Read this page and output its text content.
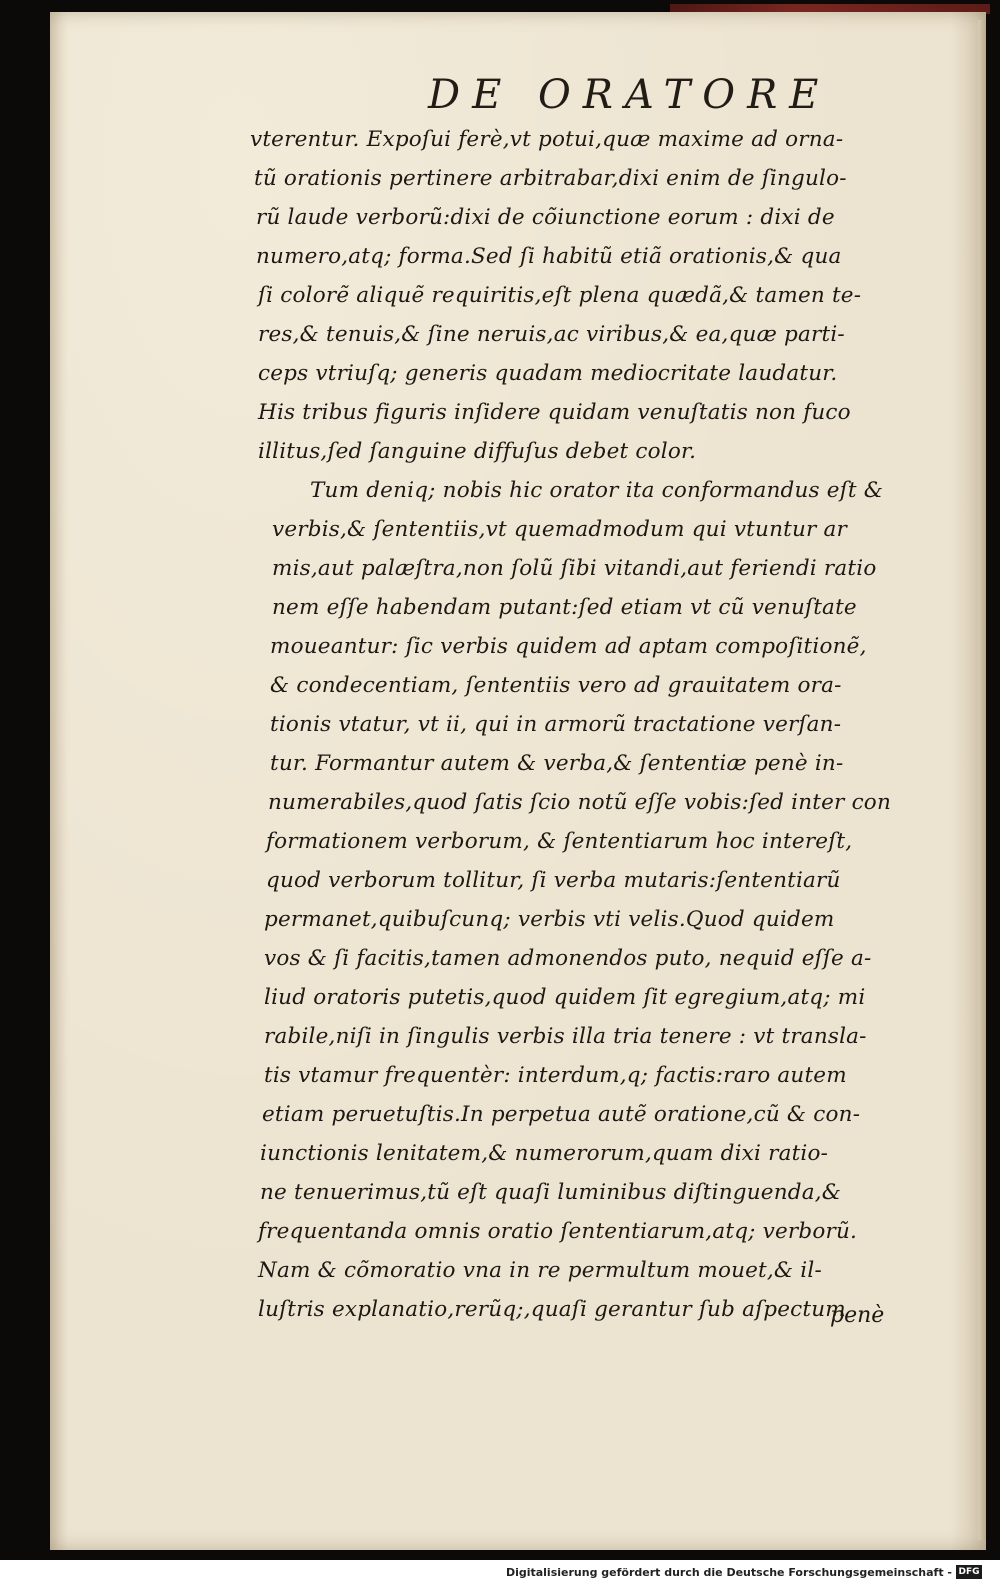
DE ORATORE
vterentur. Expoſui ferè,vt potui,quæ maxime ad orna-
tũ orationis pertinere arbitrabar,dixi enim de ſingulo-
rũ laude verborũ:dixi de cõiunctione eorum : dixi de
numero,atq; forma.Sed ſi habitũ etiã orationis,& qua
ſi colorẽ aliquẽ requiritis,eſt plena quædã,& tamen te-
res,& tenuis,& ſine neruis,ac viribus,& ea,quæ parti-
ceps vtriuſq; generis quadam mediocritate laudatur.
His tribus figuris inſidere quidam venuſtatis non fuco
illitus,ſed ſanguine diffuſus debet color.
Tum deniq; nobis hic orator ita conformandus eſt &
verbis,& ſententiis,vt quemadmodum qui vtuntur ar
mis,aut palæſtra,non ſolũ ſibi vitandi,aut feriendi ratio
nem eſſe habendam putant:ſed etiam vt cũ venuſtate
moueantur: ſic verbis quidem ad aptam compoſitionẽ,
& condecentiam, ſententiis vero ad grauitatem ora-
tionis vtatur, vt ii, qui in armorũ tractatione verſan-
tur. Formantur autem & verba,& ſententiæ penè in-
numerabiles,quod ſatis ſcio notũ eſſe vobis:ſed inter con
formationem verborum, & ſententiarum hoc intereſt,
quod verborum tollitur, ſi verba mutaris:ſententiarũ
permanet,quibuſcunq; verbis vti velis.Quod quidem
vos & ſi facitis,tamen admonendos puto, nequid eſſe a-
liud oratoris putetis,quod quidem ſit egregium,atq; mi
rabile,niſi in ſingulis verbis illa tria tenere : vt transla-
tis vtamur frequentèr: interdum,q; factis:raro autem
etiam peruetuſtis.In perpetua autẽ oratione,cũ & con-
iunctionis lenitatem,& numerorum,quam dixi ratio-
ne tenuerimus,tũ eſt quaſi luminibus diſtinguenda,&
frequentanda omnis oratio ſententiarum,atq; verborũ.
Nam & cõmoratio vna in re permultum mouet,& il-
luſtris explanatio,rerũq;,quaſi gerantur ſub aſpectum
penè
Digitalisierung gefördert durch die Deutsche Forschungsgemeinschaft - DFG
